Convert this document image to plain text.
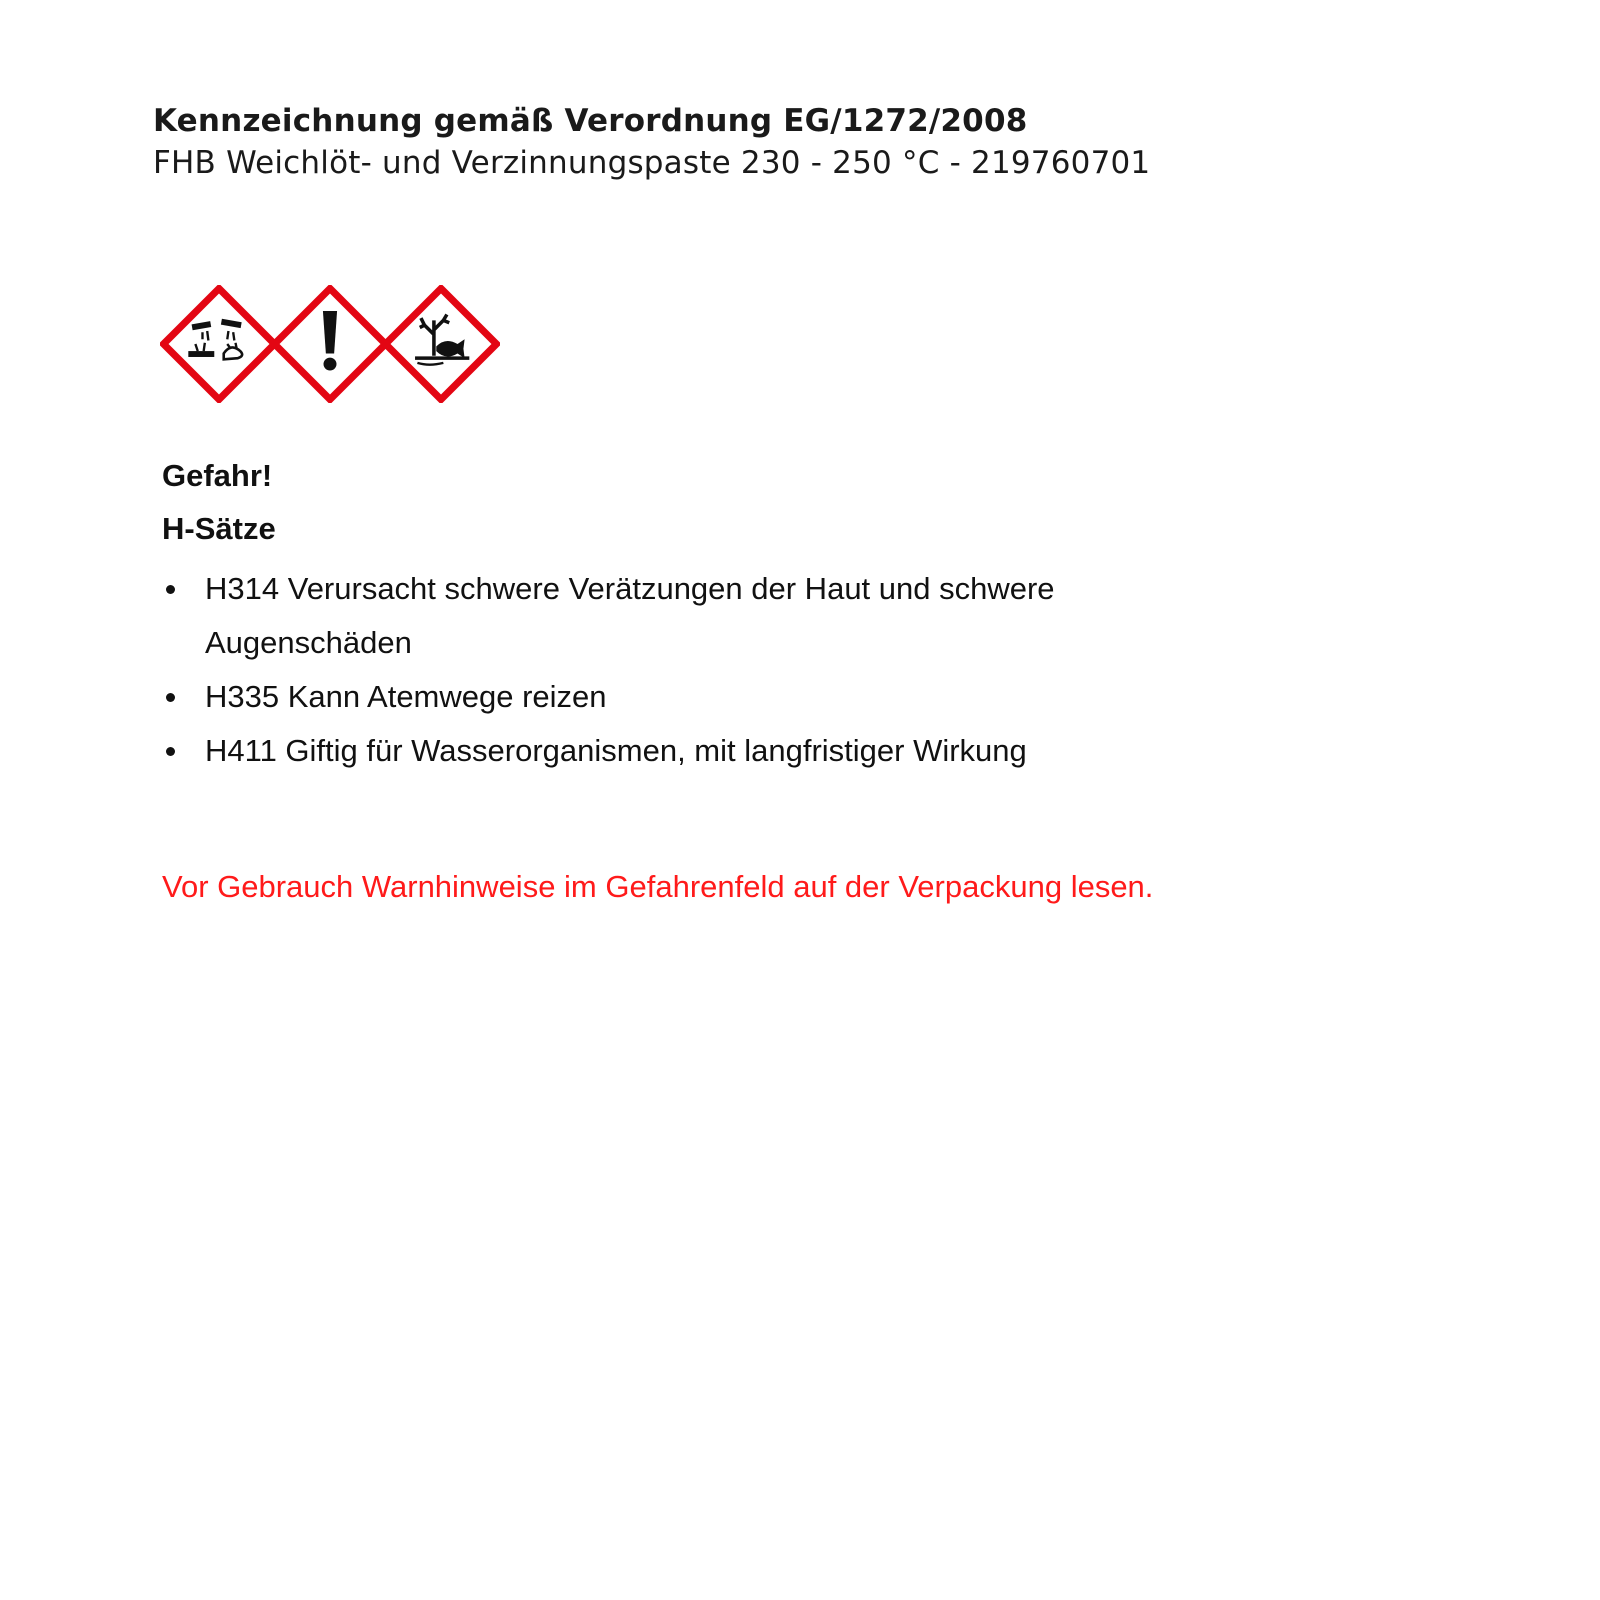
Kennzeichnung gemäß Verordnung EG/1272/2008
FHB Weichlöt- und Verzinnungspaste 230 - 250 °C - 219760701
Gefahr!
H-Sätze
H314 Verursacht schwere Verätzungen der Haut und schwere Augenschäden
H335 Kann Atemwege reizen
H411 Giftig für Wasserorganismen, mit langfristiger Wirkung
Vor Gebrauch Warnhinweise im Gefahrenfeld auf der Verpackung lesen.
